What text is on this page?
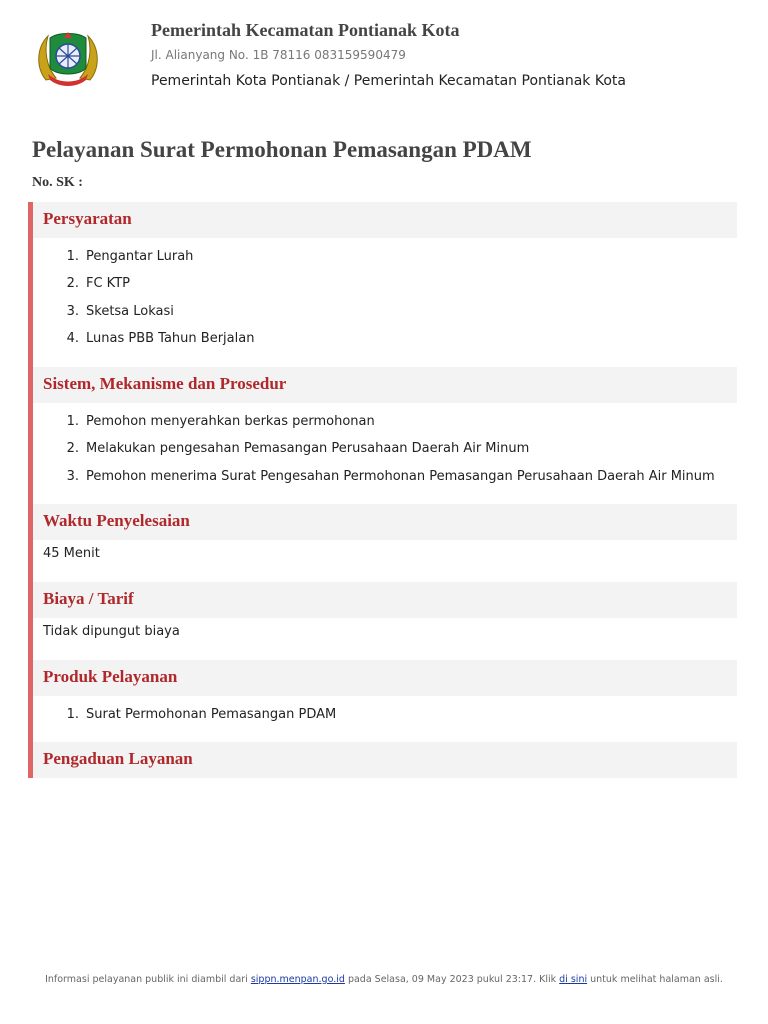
Pemerintah Kecamatan Pontianak Kota
Jl. Alianyang No. 1B 78116 083159590479
Pemerintah Kota Pontianak / Pemerintah Kecamatan Pontianak Kota
Pelayanan Surat Permohonan Pemasangan PDAM
No. SK :
Persyaratan
1. Pengantar Lurah
2. FC KTP
3. Sketsa Lokasi
4. Lunas PBB Tahun Berjalan
Sistem, Mekanisme dan Prosedur
1. Pemohon menyerahkan berkas permohonan
2. Melakukan pengesahan Pemasangan Perusahaan Daerah Air Minum
3. Pemohon menerima Surat Pengesahan Permohonan Pemasangan Perusahaan Daerah Air Minum
Waktu Penyelesaian
45 Menit
Biaya / Tarif
Tidak dipungut biaya
Produk Pelayanan
1. Surat Permohonan Pemasangan PDAM
Pengaduan Layanan
Informasi pelayanan publik ini diambil dari sippn.menpan.go.id pada Selasa, 09 May 2023 pukul 23:17. Klik di sini untuk melihat halaman asli.
